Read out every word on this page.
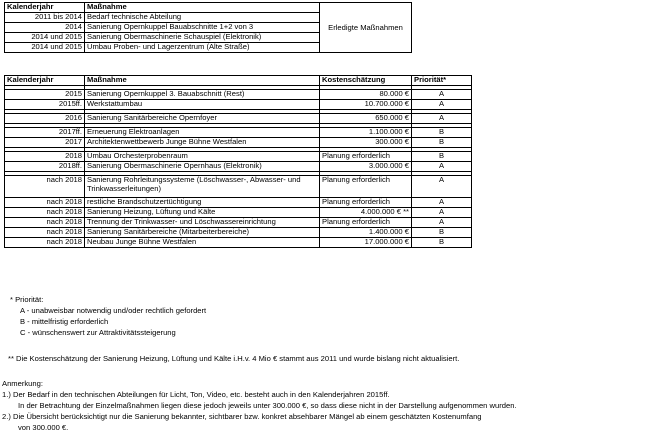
Kalenderjahr	Maßnahme	Erledigte Maßnahmen
2011 bis 2014	Bedarf technische Abteilung	
2014	Sanierung Opernkuppel Bauabschnitte 1+2 von 3	
2014 und 2015	Sanierung Obermaschinerie Schauspiel (Elektronik)	
2014 und 2015	Umbau Proben- und Lagerzentrum (Alte Straße)	
Kalenderjahr	Maßnahme	Kostenschätzung	Priorität*

2015	Sanierung Opernkuppel 3. Bauabschnitt (Rest)	80.000 €	A
2015ff.	Werkstattumbau	10.700.000 €	A

2016	Sanierung Sanitärbereiche Opernfoyer	650.000 €	A

2017ff.	Erneuerung Elektroanlagen	1.100.000 €	B
2017	Architektenwettbewerb Junge Bühne Westfalen	300.000 €	B

2018	Umbau Orchesterprobenraum	Planung erforderlich	B
2018ff.	Sanierung Obermaschinerie Opernhaus (Elektronik)	3.000.000 €	A

nach 2018	Sanierung Rohrleitungssysteme (Löschwasser-, Abwasser- und Trinkwasserleitungen)	Planung erforderlich	A
nach 2018	restliche Brandschutzertüchtigung	Planung erforderlich	A
nach 2018	Sanierung Heizung, Lüftung und Kälte	4.000.000 € **	A
nach 2018	Trennung der Trinkwasser- und Löschwassereinrichtung	Planung erforderlich	A
nach 2018	Sanierung Sanitärbereiche (Mitarbeiterbereiche)	1.400.000 €	B
nach 2018	Neubau Junge Bühne Westfalen	17.000.000 €	B
* Priorität:
A - unabweisbar notwendig und/oder rechtlich gefordert
B - mittelfristig erforderlich
C - wünschenswert zur Attraktivitätssteigerung
** Die Kostenschätzung der Sanierung Heizung, Lüftung und Kälte i.H.v. 4 Mio € stammt aus 2011 und wurde bislang nicht aktualisiert.
Anmerkung:
1.) Der Bedarf in den technischen Abteilungen für Licht, Ton, Video, etc. besteht auch in den Kalenderjahren 2015ff.
In der Betrachtung der Einzelmaßnahmen liegen diese jedoch jeweils unter 300.000 €, so dass diese nicht in der Darstellung aufgenommen wurden.
2.) Die Übersicht berücksichtigt nur die Sanierung bekannter, sichtbarer bzw. konkret absehbarer Mängel ab einem geschätzten Kostenumfang
von 300.000 €.
